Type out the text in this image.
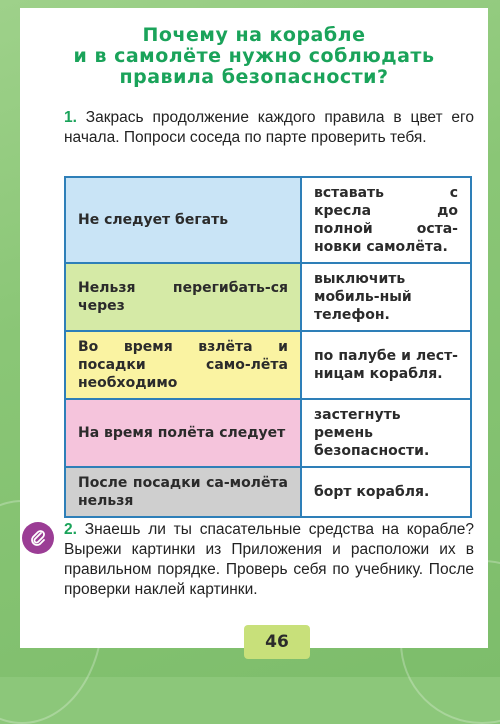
Почему на корабле
и в самолёте нужно соблюдать
правила безопасности?
1. Закрась продолжение каждого правила в цвет его начала. Попроси соседа по парте проверить тебя.
Не следует бегать	вставать с кресла до полной оста-новки самолёта.
Нельзя перегибать-ся через	выключить мобиль-ный телефон.
Во время взлёта и посадки само-лёта необходимо	по палубе и лест-ницам корабля.
На время полёта следует	застегнуть ремень безопасности.
После посадки са-молёта нельзя	борт корабля.
2. Знаешь ли ты спасательные средства на корабле? Вырежи картинки из Приложения и расположи их в правильном порядке. Проверь себя по учебнику. После проверки наклей картинки.
46
